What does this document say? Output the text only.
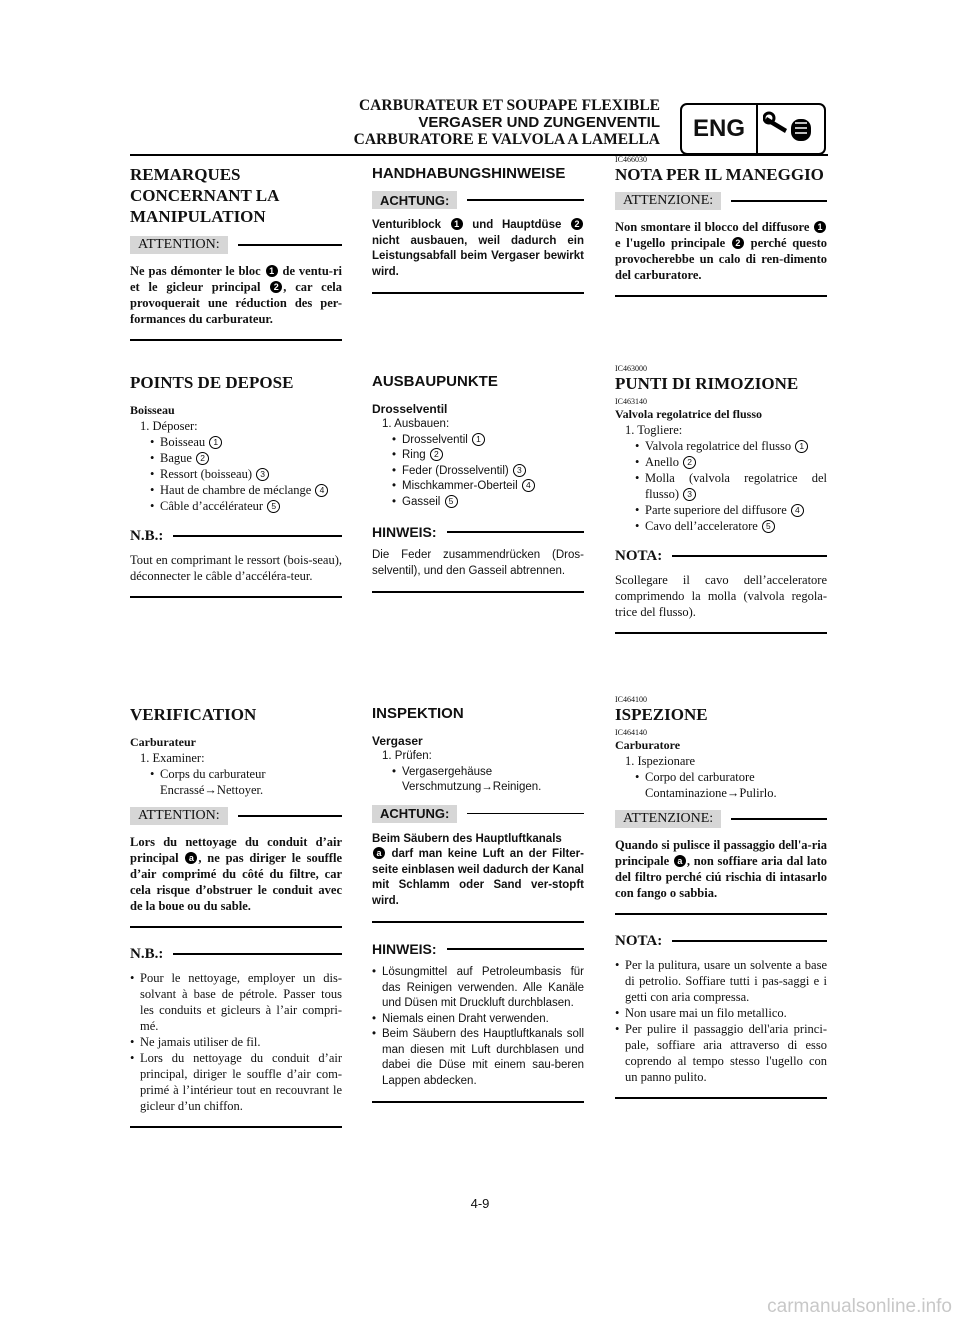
CARBURATEUR ET SOUPAPE FLEXIBLE
VERGASER UND ZUNGENVENTIL
CARBURATORE E VALVOLA A LAMELLA	ENG
REMARQUES
CONCERNANT LA
MANIPULATION
ATTENTION:
Ne pas démonter le bloc 1 de ventu-ri et le gicleur principal 2 , car cela provoquerait une réduction des per-formances du carburateur.
POINTS DE DEPOSE
Boisseau
1. Déposer:
• Boisseau 1
• Bague 2
• Ressort (boisseau) 3
• Haut de chambre de méclange 4
• Câble d’accélérateur 5
N.B.:
Tout en comprimant le ressort (bois-seau), déconnecter le câble d’accéléra-teur.
VERIFICATION
Carburateur
1. Examiner:
• Corps du carburateur
Encrassé→Nettoyer.
ATTENTION:
Lors du nettoyage du conduit d’air principal a , ne pas diriger le souffle d’air comprimé du côté du filtre, car cela risque d’obstruer le conduit avec de la boue ou du sable.
N.B.:
• Pour le nettoyage, employer un dis-solvant à base de pétrole. Passer tous les conduits et gicleurs à l’air compri-mé.
• Ne jamais utiliser de fil.
• Lors du nettoyage du conduit d’air principal, diriger le souffle d’air com-primé à l’intérieur tout en recouvrant le gicleur d’un chiffon.
HANDHABUNGSHINWEISE
ACHTUNG:
Venturiblock 1 und Hauptdüse 2 nicht ausbauen, weil dadurch ein Leistungsabfall beim Vergaser bewirkt wird.
AUSBAUPUNKTE
Drosselventil
1. Ausbauen:
• Drosselventil 1
• Ring 2
• Feder (Drosselventil) 3
• Mischkammer-Oberteil 4
• Gasseil 5
HINWEIS:
Die Feder zusammendrücken (Dros-selventil), und den Gasseil abtrennen.
INSPEKTION
Vergaser
1. Prüfen:
• Vergasergehäuse
Verschmutzung→Reinigen.
ACHTUNG:
Beim Säubern des Hauptluftkanals
a darf man keine Luft an der Filter-seite einblasen weil dadurch der Kanal mit Schlamm oder Sand ver-stopft wird.
HINWEIS:
• Lösungmittel auf Petroleumbasis für das Reinigen verwenden. Alle Kanäle und Düsen mit Druckluft durchblasen.
• Niemals einen Draht verwenden.
• Beim Säubern des Hauptluftkanals soll man diesen mit Luft durchblasen und dabei die Düse mit einem sau-beren Lappen abdecken.
IC466030
NOTA PER IL MANEGGIO
ATTENZIONE:
Non smontare il blocco del diffusore 1 e l'ugello principale 2 perché questo provocherebbe un calo di ren-dimento del carburatore.
IC463000
PUNTI DI RIMOZIONE
IC463140
Valvola regolatrice del flusso
1. Togliere:
• Valvola regolatrice del flusso 1
• Anello 2
• Molla (valvola regolatrice del flusso) 3
• Parte superiore del diffusore 4
• Cavo dell’acceleratore 5
NOTA:
Scollegare il cavo dell’acceleratore comprimendo la molla (valvola regola-trice del flusso).
IC464100
ISPEZIONE
IC464140
Carburatore
1. Ispezionare
• Corpo del carburatore
Contaminazione→Pulirlo.
ATTENZIONE:
Quando si pulisce il passaggio dell'a-ria principale a , non soffiare aria dal lato del filtro perché ciú rischia di intasarlo con fango o sabbia.
NOTA:
• Per la pulitura, usare un solvente a base di petrolio. Soffiare tutti i pas-saggi e i getti con aria compressa.
• Non usare mai un filo metallico.
• Per pulire il passaggio dell'aria princi-pale, soffiare aria attraverso di esso coprendo al tempo stesso l'ugello con un panno pulito.
4-9
carmanualsonline.info
